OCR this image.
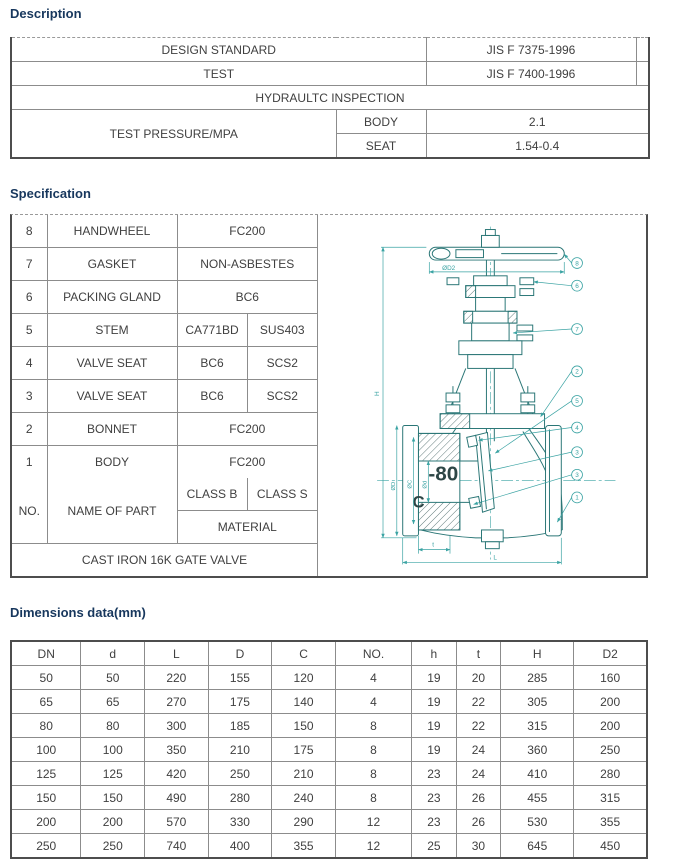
Description
DESIGN STANDARD		JIS F 7375-1996	
TEST		JIS F 7400-1996	
HYDRAULTC INSPECTION			
TEST PRESSURE/MPA	BODY	2.1	
	SEAT	1.54-0.4	
Specification
8	HANDWHEEL	FC200	
7	GASKET	NON-ASBESTES	
6	PACKING GLAND	BC6	
5	STEM	CA771BD	SUS403
4	VALVE SEAT	BC6	SCS2
3	VALVE SEAT	BC6	SCS2
2	BONNET	FC200	
1	BODY	FC200	
NO.	NAME OF PART	CLASS B	CLASS S
		MATERIAL	
CAST IRON 16K GATE VALVE			
-80
C
ØD2
H
ØD ØC Ød
t
L
8
6
7
2
5
4
3
3
1
Dimensions data(mm)
DN	d	L	D	C	NO.	h	t	H	D2
50	50	220	155	120	4	19	20	285	160
65	65	270	175	140	4	19	22	305	200
80	80	300	185	150	8	19	22	315	200
100	100	350	210	175	8	19	24	360	250
125	125	420	250	210	8	23	24	410	280
150	150	490	280	240	8	23	26	455	315
200	200	570	330	290	12	23	26	530	355
250	250	740	400	355	12	25	30	645	450
